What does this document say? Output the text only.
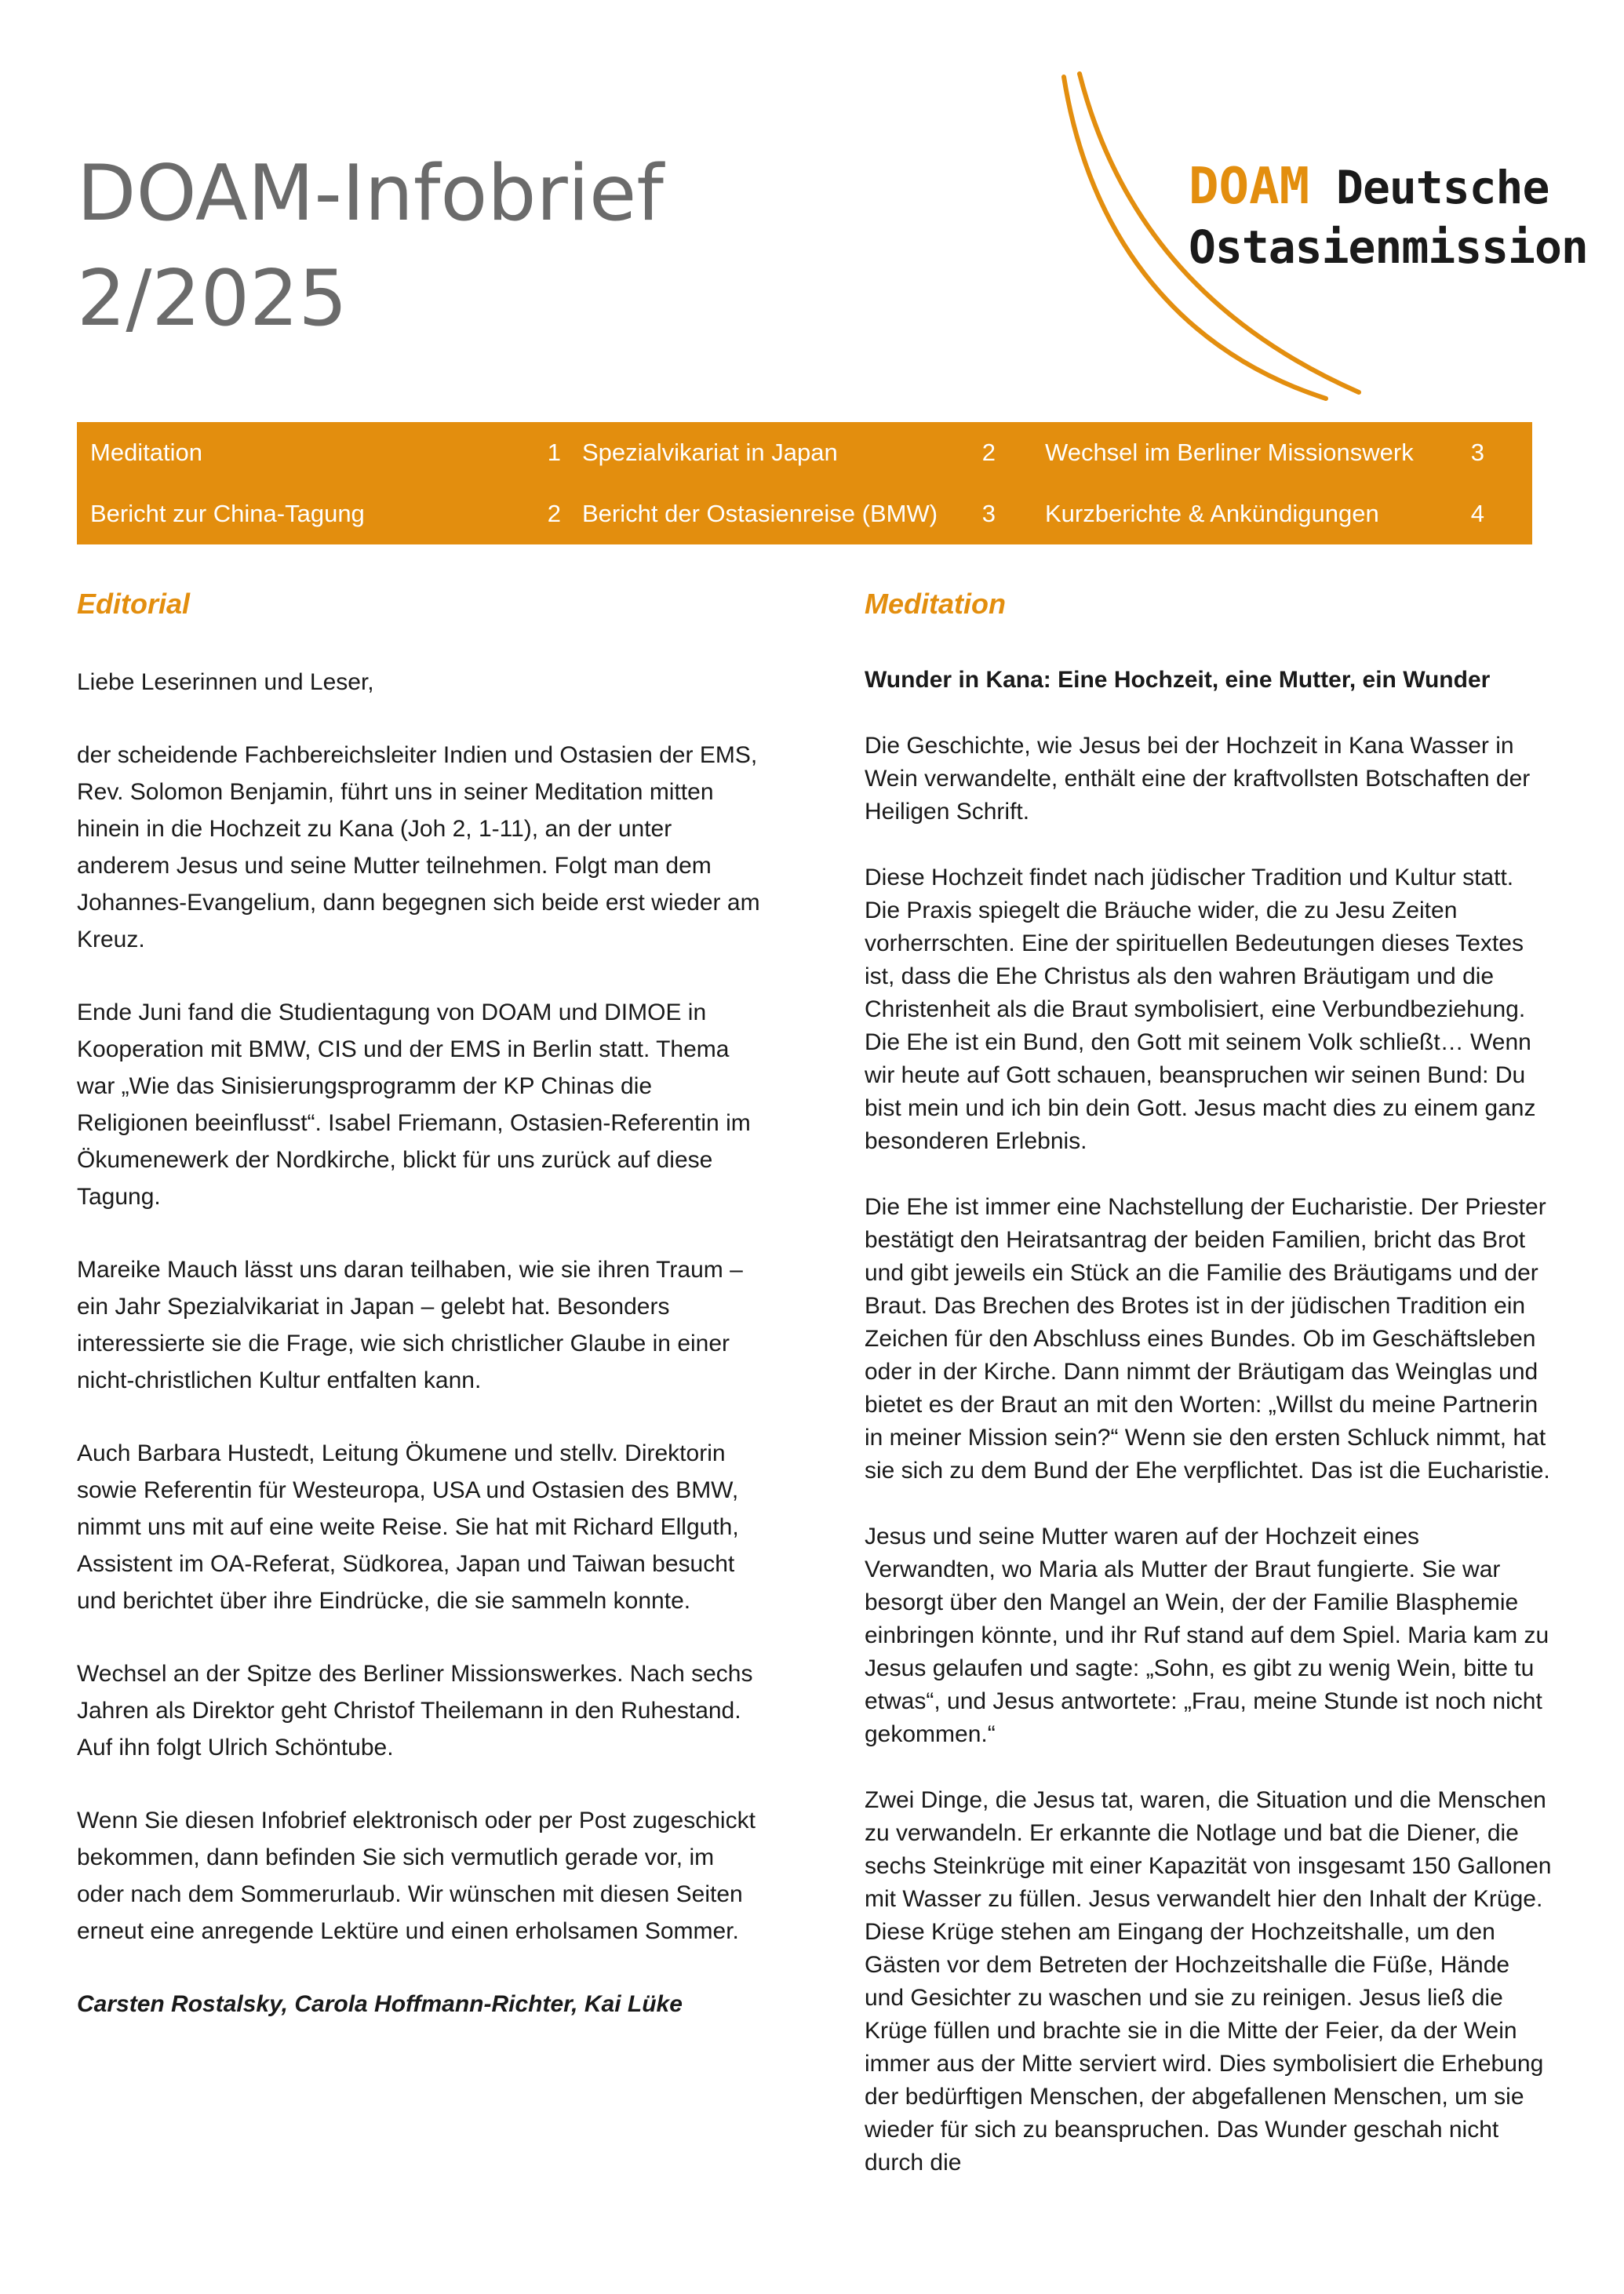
DOAM-Infobrief
2/2025
DOAM Deutsche
Ostasienmission
Meditation	1 Spezialvikariat in Japan	2 Wechsel im Berliner Missionswerk 3
Bericht zur China-Tagung	2 Bericht der Ostasienreise (BMW) 3 Kurzberichte & Ankündigungen	4
Editorial

Liebe Leserinnen und Leser,

der scheidende Fachbereichsleiter Indien und Ostasien der EMS, Rev. Solomon Benjamin, führt uns in seiner Meditation mitten hinein in die Hochzeit zu Kana (Joh 2, 1-11), an der unter anderem Jesus und seine Mutter teilnehmen. Folgt man dem Johannes-Evangelium, dann begegnen sich beide erst wieder am Kreuz.

Ende Juni fand die Studientagung von DOAM und DIMOE in Kooperation mit BMW, CIS und der EMS in Berlin statt. Thema war „Wie das Sinisierungsprogramm der KP Chinas die Religionen beeinflusst“. Isabel Friemann, Ostasien-Referentin im Ökumenewerk der Nordkirche, blickt für uns zurück auf diese Tagung.

Mareike Mauch lässt uns daran teilhaben, wie sie ihren Traum – ein Jahr Spezialvikariat in Japan – gelebt hat. Besonders interessierte sie die Frage, wie sich christlicher Glaube in einer nicht-christlichen Kultur entfalten kann.

Auch Barbara Hustedt, Leitung Ökumene und stellv. Direktorin sowie Referentin für Westeuropa, USA und Ostasien des BMW, nimmt uns mit auf eine weite Reise. Sie hat mit Richard Ellguth, Assistent im OA-Referat, Südkorea, Japan und Taiwan besucht und berichtet über ihre Eindrücke, die sie sammeln konnte.

Wechsel an der Spitze des Berliner Missionswerkes. Nach sechs Jahren als Direktor geht Christof Theilemann in den Ruhestand. Auf ihn folgt Ulrich Schöntube.

Wenn Sie diesen Infobrief elektronisch oder per Post zugeschickt bekommen, dann befinden Sie sich vermutlich gerade vor, im oder nach dem Sommerurlaub. Wir wünschen mit diesen Seiten erneut eine anregende Lektüre und einen erholsamen Sommer.

Carsten Rostalsky, Carola Hoffmann-Richter, Kai Lüke

Meditation

Wunder in Kana: Eine Hochzeit, eine Mutter, ein Wunder

Die Geschichte, wie Jesus bei der Hochzeit in Kana Wasser in Wein verwandelte, enthält eine der kraftvollsten Botschaften der Heiligen Schrift.

Diese Hochzeit findet nach jüdischer Tradition und Kultur statt. Die Praxis spiegelt die Bräuche wider, die zu Jesu Zeiten vorherrschten. Eine der spirituellen Bedeutungen dieses Textes ist, dass die Ehe Christus als den wahren Bräutigam und die Christenheit als die Braut symbolisiert, eine Verbundbeziehung. Die Ehe ist ein Bund, den Gott mit seinem Volk schließt… Wenn wir heute auf Gott schauen, beanspruchen wir seinen Bund: Du bist mein und ich bin dein Gott. Jesus macht dies zu einem ganz besonderen Erlebnis.

Die Ehe ist immer eine Nachstellung der Eucharistie. Der Priester bestätigt den Heiratsantrag der beiden Familien, bricht das Brot und gibt jeweils ein Stück an die Familie des Bräutigams und der Braut. Das Brechen des Brotes ist in der jüdischen Tradition ein Zeichen für den Abschluss eines Bundes. Ob im Geschäftsleben oder in der Kirche. Dann nimmt der Bräutigam das Weinglas und bietet es der Braut an mit den Worten: „Willst du meine Partnerin in meiner Mission sein?“ Wenn sie den ersten Schluck nimmt, hat sie sich zu dem Bund der Ehe verpflichtet. Das ist die Eucharistie.

Jesus und seine Mutter waren auf der Hochzeit eines Verwandten, wo Maria als Mutter der Braut fungierte. Sie war besorgt über den Mangel an Wein, der der Familie Blasphemie einbringen könnte, und ihr Ruf stand auf dem Spiel. Maria kam zu Jesus gelaufen und sagte: „Sohn, es gibt zu wenig Wein, bitte tu etwas“, und Jesus antwortete: „Frau, meine Stunde ist noch nicht gekommen.“

Zwei Dinge, die Jesus tat, waren, die Situation und die Menschen zu verwandeln. Er erkannte die Notlage und bat die Diener, die sechs Steinkrüge mit einer Kapazität von insgesamt 150 Gallonen mit Wasser zu füllen. Jesus verwandelt hier den Inhalt der Krüge. Diese Krüge stehen am Eingang der Hochzeitshalle, um den Gästen vor dem Betreten der Hochzeitshalle die Füße, Hände und Gesichter zu waschen und sie zu reinigen. Jesus ließ die Krüge füllen und brachte sie in die Mitte der Feier, da der Wein immer aus der Mitte serviert wird. Dies symbolisiert die Erhebung der bedürftigen Menschen, der abgefallenen Menschen, um sie wieder für sich zu beanspruchen. Das Wunder geschah nicht durch die
